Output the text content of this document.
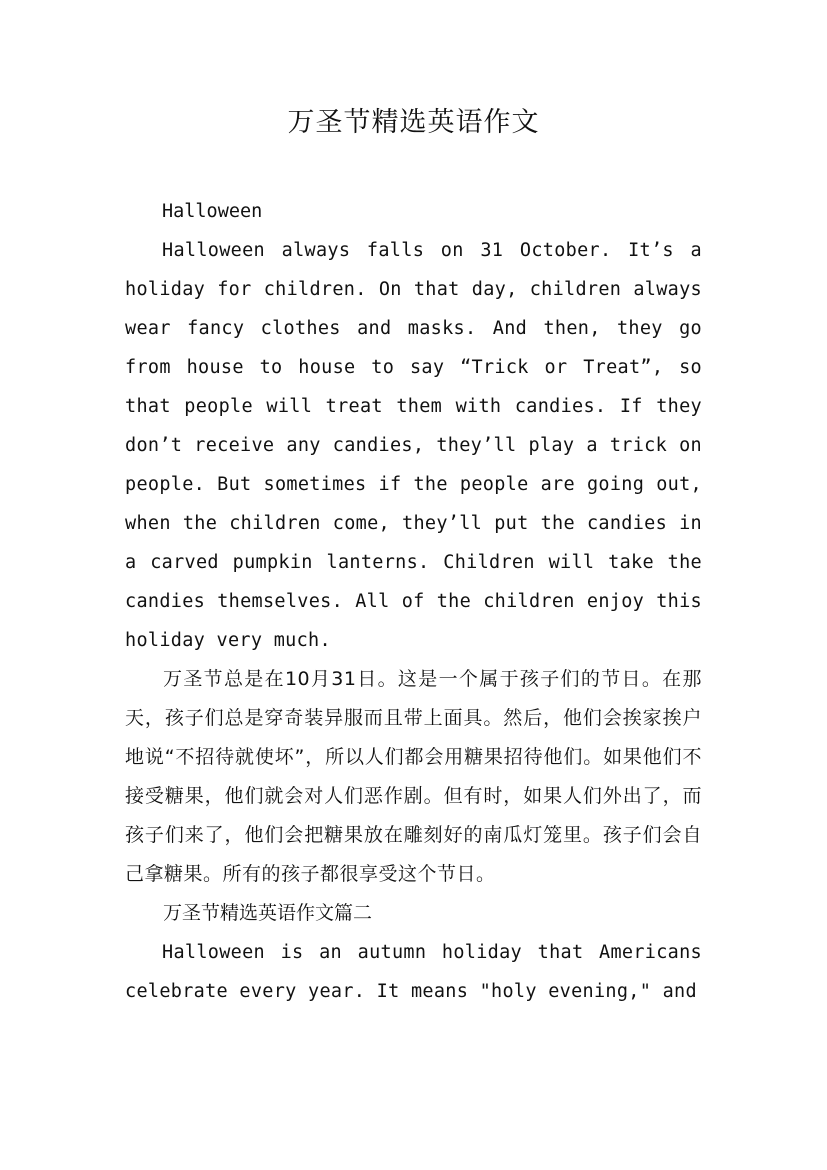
万圣节精选英语作文

Halloween

Halloween always falls on 31 October. It’s a holiday for children. On that day, children always wear fancy clothes and masks. And then, they go from house to house to say “Trick or Treat”, so that people will treat them with candies. If they don’t receive any candies, they’ll play a trick on people. But sometimes if the people are going out, when the children come, they’ll put the candies in a carved pumpkin lanterns. Children will take the candies themselves. All of the children enjoy this holiday very much.

万圣节总是在10月31日。这是一个属于孩子们的节日。在那天，孩子们总是穿奇装异服而且带上面具。然后，他们会挨家挨户地说“不招待就使坏”，所以人们都会用糖果招待他们。如果他们不接受糖果，他们就会对人们恶作剧。但有时，如果人们外出了，而孩子们来了，他们会把糖果放在雕刻好的南瓜灯笼里。孩子们会自己拿糖果。所有的孩子都很享受这个节日。

万圣节精选英语作文篇二

Halloween is an autumn holiday that Americans celebrate every year. It means "holy evening," and
